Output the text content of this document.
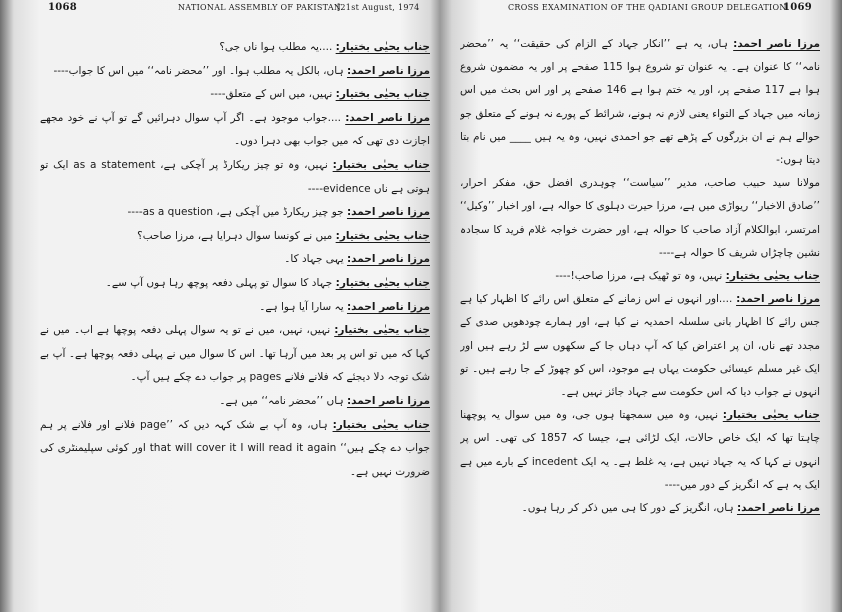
1068	NATIONAL ASSEMBLY OF PAKISTAN
[21st August, 1974

جناب یحیٰی بختیار: ....یہ مطلب ہوا ناں جی؟

مرزا ناصر احمد: ہاں، بالکل یہ مطلب ہوا۔ اور ’’محضر نامہ‘‘ میں اس کا جواب----

جناب یحیٰی بختیار: نہیں، میں اس کے متعلق----

مرزا ناصر احمد: ....جواب موجود ہے۔ اگر آپ سوال دہرائیں گے تو آپ نے خود مجھے اجازت دی تھی کہ میں جواب بھی دہرا دوں۔

جناب یحیٰی بختیار: نہیں، وہ تو چیز ریکارڈ پر آچکی ہے، as a statement ایک تو ہوتی ہے ناں evidence----

مرزا ناصر احمد: جو چیز ریکارڈ میں آچکی ہے، as a question----

جناب یحیٰی بختیار: میں نے کونسا سوال دہرایا ہے، مرزا صاحب؟

مرزا ناصر احمد: یہی جہاد کا۔

جناب یحیٰی بختیار: جہاد کا سوال تو پہلی دفعہ پوچھ رہا ہوں آپ سے۔

مرزا ناصر احمد: یہ سارا آیا ہوا ہے۔

جناب یحیٰی بختیار: نہیں، نہیں، میں نے تو یہ سوال پہلی دفعہ پوچھا ہے اب۔ میں نے کہا کہ میں تو اس پر بعد میں آرہا تھا۔ اس کا سوال میں نے پہلی دفعہ پوچھا ہے۔ آپ بے شک توجہ دلا دیجئے کہ فلانے فلانے pages پر جواب دے چکے ہیں آپ۔

مرزا ناصر احمد: ہاں ’’محضر نامہ‘‘ میں ہے۔

جناب یحیٰی بختیار: ہاں، وہ آپ بے شک کہہ دیں کہ ’’page فلانے اور فلانے پر ہم جواب دے چکے ہیں‘‘ that will cover it I will read it again اور کوئی سپلیمنٹری کی ضرورت نہیں ہے۔

CROSS EXAMINATION OF THE QADIANI GROUP DELEGATION
1069

مرزا ناصر احمد: ہاں، یہ ہے ’’انکار جہاد کے الزام کی حقیقت‘‘ یہ ’’محضر نامہ‘‘ کا عنوان ہے۔ یہ عنوان تو شروع ہوا 115 صفحے پر اور یہ مضمون شروع ہوا ہے 117 صفحے پر، اور یہ ختم ہوا ہے 146 صفحے پر اور اس بحث میں اس زمانہ میں جہاد کے التواء یعنی لازم نہ ہونے، شرائط کے پورے نہ ہونے کے متعلق جو حوالے ہم نے ان بزرگوں کے پڑھے تھے جو احمدی نہیں، وہ یہ ہیں ____ میں نام بتا دیتا ہوں:-

مولانا سید حبیب صاحب، مدیر ’’سیاست‘‘ چوہدری افضل حق، مفکر احرار، ’’صادق الاخبار‘‘ ریواڑی میں ہے، مرزا حیرت دہلوی کا حوالہ ہے، اور اخبار ’’وکیل‘‘ امرتسر، ابوالکلام آزاد صاحب کا حوالہ ہے، اور حضرت خواجہ غلام فرید کا سجادہ نشین چاچڑاں شریف کا حوالہ ہے----

جناب یحیٰی بختیار: نہیں، وہ تو ٹھیک ہے، مرزا صاحب!----

مرزا ناصر احمد: ....اور انہوں نے اس زمانے کے متعلق اس رائے کا اظہار کیا ہے جس رائے کا اظہار بانی سلسلہ احمدیہ نے کیا ہے، اور ہمارے چودھویں صدی کے مجدد تھے ناں، ان پر اعتراض کیا کہ آپ دہاں جا کے سکھوں سے لڑ رہے ہیں اور ایک غیر مسلم عیسائی حکومت یہاں ہے موجود، اس کو چھوڑ کے جا رہے ہیں۔ تو انہوں نے جواب دیا کہ اس حکومت سے جہاد جائز نہیں ہے۔

جناب یحیٰی بختیار: نہیں، وہ میں سمجھتا ہوں جی، وہ میں سوال یہ پوچھنا چاہتا تھا کہ ایک خاص حالات، ایک لڑائی ہے، جیسا کہ 1857 کی تھی۔ اس پر انہوں نے کہا کہ یہ جہاد نہیں ہے، یہ غلط ہے۔ یہ ایک incedent کے بارے میں ہے ایک یہ ہے کہ انگریز کے دور میں----

مرزا ناصر احمد: ہاں، انگریز کے دور کا ہی میں ذکر کر رہا ہوں۔
